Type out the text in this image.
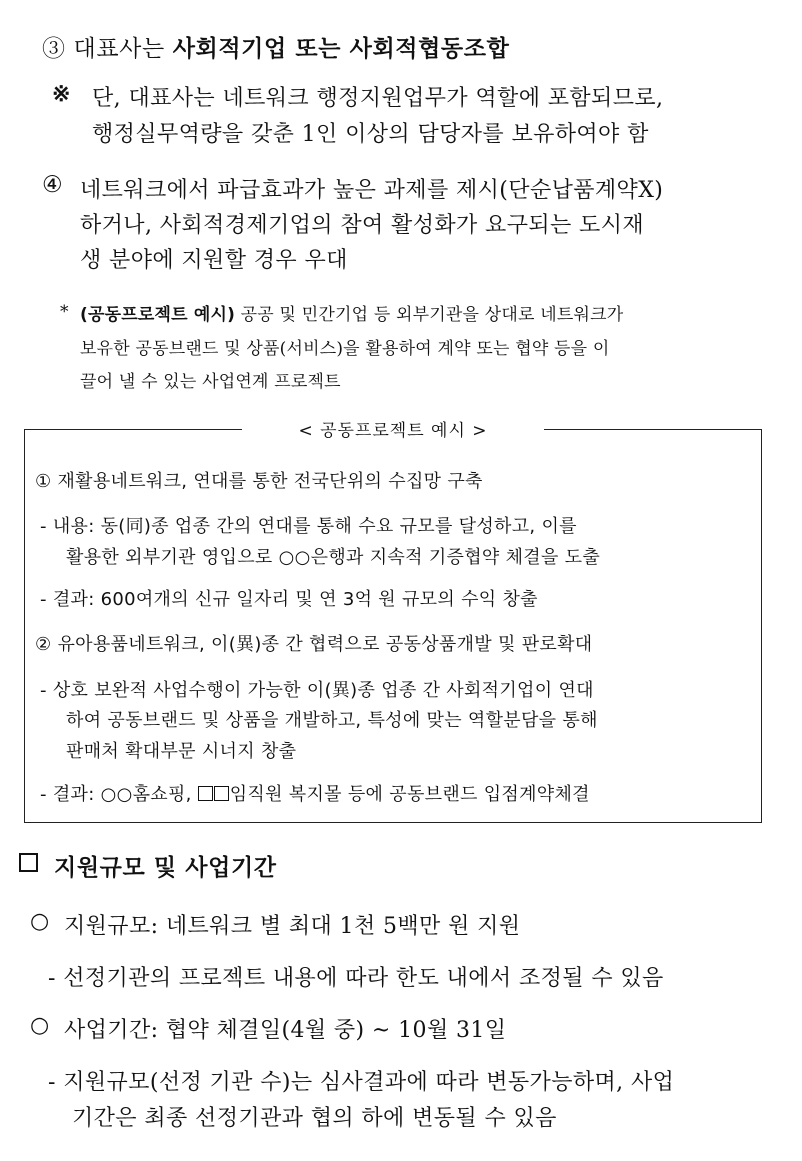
③ 대표사는 사회적기업 또는 사회적협동조합
※ 단, 대표사는 네트워크 행정지원업무가 역할에 포함되므로,
행정실무역량을 갖춘 1인 이상의 담당자를 보유하여야 함
④ 네트워크에서 파급효과가 높은 과제를 제시(단순납품계약X)
하거나, 사회적경제기업의 참여 활성화가 요구되는 도시재
생 분야에 지원할 경우 우대
* (공동프로젝트 예시) 공공 및 민간기업 등 외부기관을 상대로 네트워크가
보유한 공동브랜드 및 상품(서비스)을 활용하여 계약 또는 협약 등을 이
끌어 낼 수 있는 사업연계 프로젝트
< 공동프로젝트 예시 >
① 재활용네트워크, 연대를 통한 전국단위의 수집망 구축
- 내용: 동(同)종 업종 간의 연대를 통해 수요 규모를 달성하고, 이를
활용한 외부기관 영입으로 ○○은행과 지속적 기증협약 체결을 도출
- 결과: 600여개의 신규 일자리 및 연 3억 원 규모의 수익 창출
② 유아용품네트워크, 이(異)종 간 협력으로 공동상품개발 및 판로확대
- 상호 보완적 사업수행이 가능한 이(異)종 업종 간 사회적기업이 연대
하여 공동브랜드 및 상품을 개발하고, 특성에 맞는 역할분담을 통해
판매처 확대부문 시너지 창출
- 결과: ○○홈쇼핑, 임직원 복지몰 등에 공동브랜드 입점계약체결
지원규모 및 사업기간
○ 지원규모: 네트워크 별 최대 1천 5백만 원 지원
- 선정기관의 프로젝트 내용에 따라 한도 내에서 조정될 수 있음
○ 사업기간: 협약 체결일(4월 중) ~ 10월 31일
- 지원규모(선정 기관 수)는 심사결과에 따라 변동가능하며, 사업
기간은 최종 선정기관과 협의 하에 변동될 수 있음
